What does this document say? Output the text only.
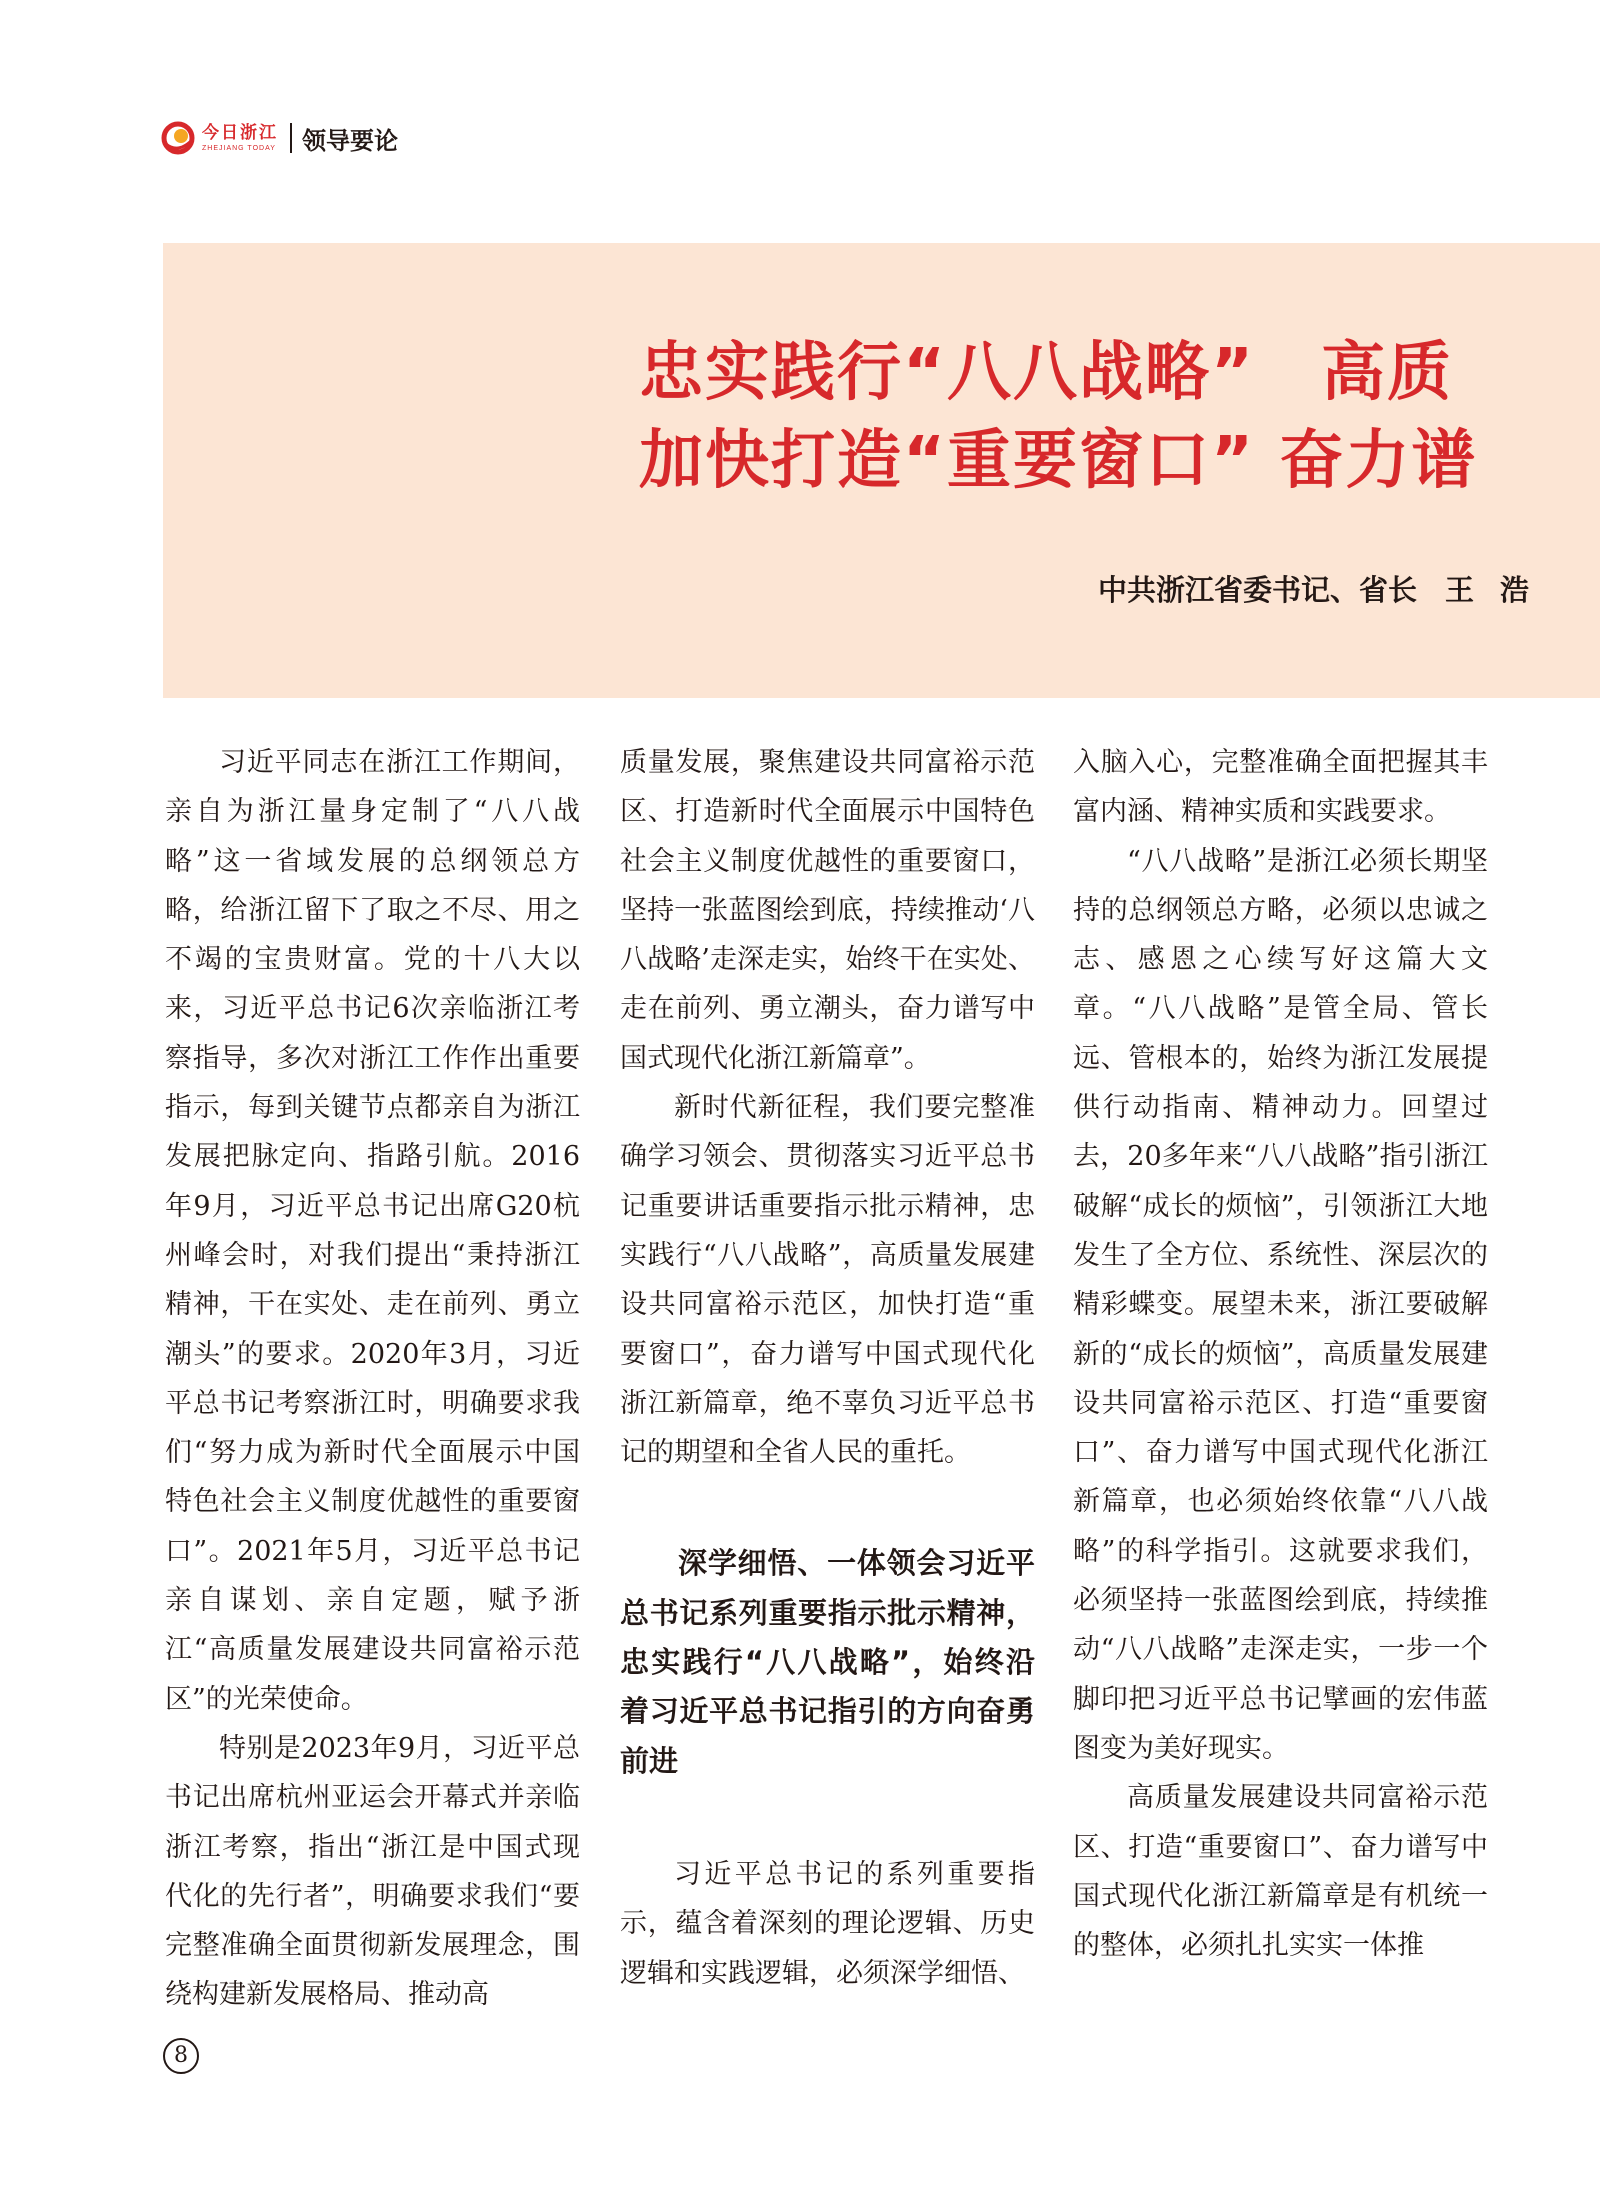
今日浙江
ZHEJIANG TODAY 领导要论
忠实践行“八八战略”　高质
加快打造“重要窗口” 奋力谱
中共浙江省委书记、省长 王浩

习近平同志在浙江工作期间，亲自为浙江量身定制了“八八战略”这一省域发展的总纲领总方略，给浙江留下了取之不尽、用之不竭的宝贵财富。党的十八大以来，习近平总书记6次亲临浙江考察指导，多次对浙江工作作出重要指示，每到关键节点都亲自为浙江发展把脉定向、指路引航。2016年9月，习近平总书记出席G20杭州峰会时，对我们提出“秉持浙江精神，干在实处、走在前列、勇立潮头”的要求。2020年3月，习近平总书记考察浙江时，明确要求我们“努力成为新时代全面展示中国特色社会主义制度优越性的重要窗口”。2021年5月，习近平总书记亲自谋划、亲自定题，赋予浙江“高质量发展建设共同富裕示范区”的光荣使命。

特别是2023年9月，习近平总书记出席杭州亚运会开幕式并亲临浙江考察，指出“浙江是中国式现代化的先行者”，明确要求我们“要完整准确全面贯彻新发展理念，围绕构建新发展格局、推动高

质量发展，聚焦建设共同富裕示范区、打造新时代全面展示中国特色社会主义制度优越性的重要窗口，坚持一张蓝图绘到底，持续推动‘八八战略’走深走实，始终干在实处、走在前列、勇立潮头，奋力谱写中国式现代化浙江新篇章”。

新时代新征程，我们要完整准确学习领会、贯彻落实习近平总书记重要讲话重要指示批示精神，忠实践行“八八战略”，高质量发展建设共同富裕示范区，加快打造“重要窗口”，奋力谱写中国式现代化浙江新篇章，绝不辜负习近平总书记的期望和全省人民的重托。

深学细悟、一体领会习近平总书记系列重要指示批示精神，忠实践行“八八战略”，始终沿着习近平总书记指引的方向奋勇前进

习近平总书记的系列重要指示，蕴含着深刻的理论逻辑、历史逻辑和实践逻辑，必须深学细悟、

入脑入心，完整准确全面把握其丰富内涵、精神实质和实践要求。

“八八战略”是浙江必须长期坚持的总纲领总方略，必须以忠诚之志、感恩之心续写好这篇大文章。“八八战略”是管全局、管长远、管根本的，始终为浙江发展提供行动指南、精神动力。回望过去，20多年来“八八战略”指引浙江破解“成长的烦恼”，引领浙江大地发生了全方位、系统性、深层次的精彩蝶变。展望未来，浙江要破解新的“成长的烦恼”，高质量发展建设共同富裕示范区、打造“重要窗口”、奋力谱写中国式现代化浙江新篇章，也必须始终依靠“八八战略”的科学指引。这就要求我们，必须坚持一张蓝图绘到底，持续推动“八八战略”走深走实，一步一个脚印把习近平总书记擘画的宏伟蓝图变为美好现实。

高质量发展建设共同富裕示范区、打造“重要窗口”、奋力谱写中国式现代化浙江新篇章是有机统一的整体，必须扎扎实实一体推

8
